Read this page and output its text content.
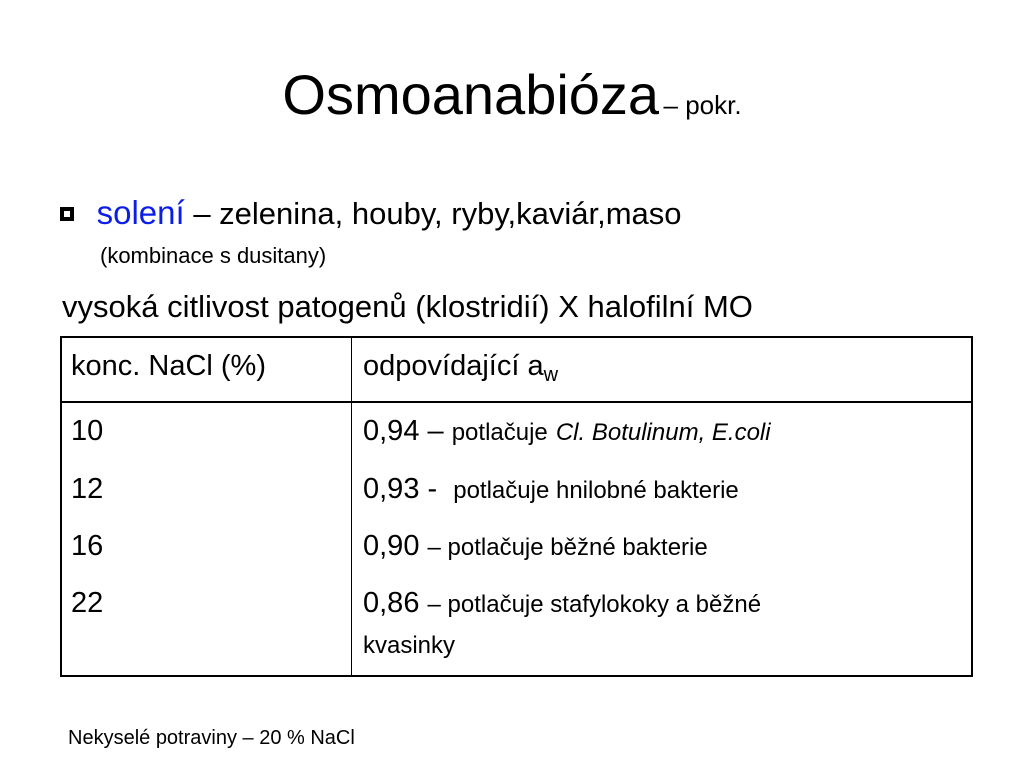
Osmoanabióza – pokr.
solení – zelenina, houby, ryby,kaviár,maso
(kombinace s dusitany)
vysoká citlivost patogenů (klostridií) X halofilní MO
konc. NaCl (%)	odpovídající $a_w$
10	0,94 – potlačuje Cl. Botulinum, E.coli
12	0,93 - potlačuje hnilobné bakterie
16	0,90 – potlačuje běžné bakterie
22	0,86 – potlačuje stafylokoky a běžné
kvasinky
Nekyselé potraviny – 20 % NaCl
